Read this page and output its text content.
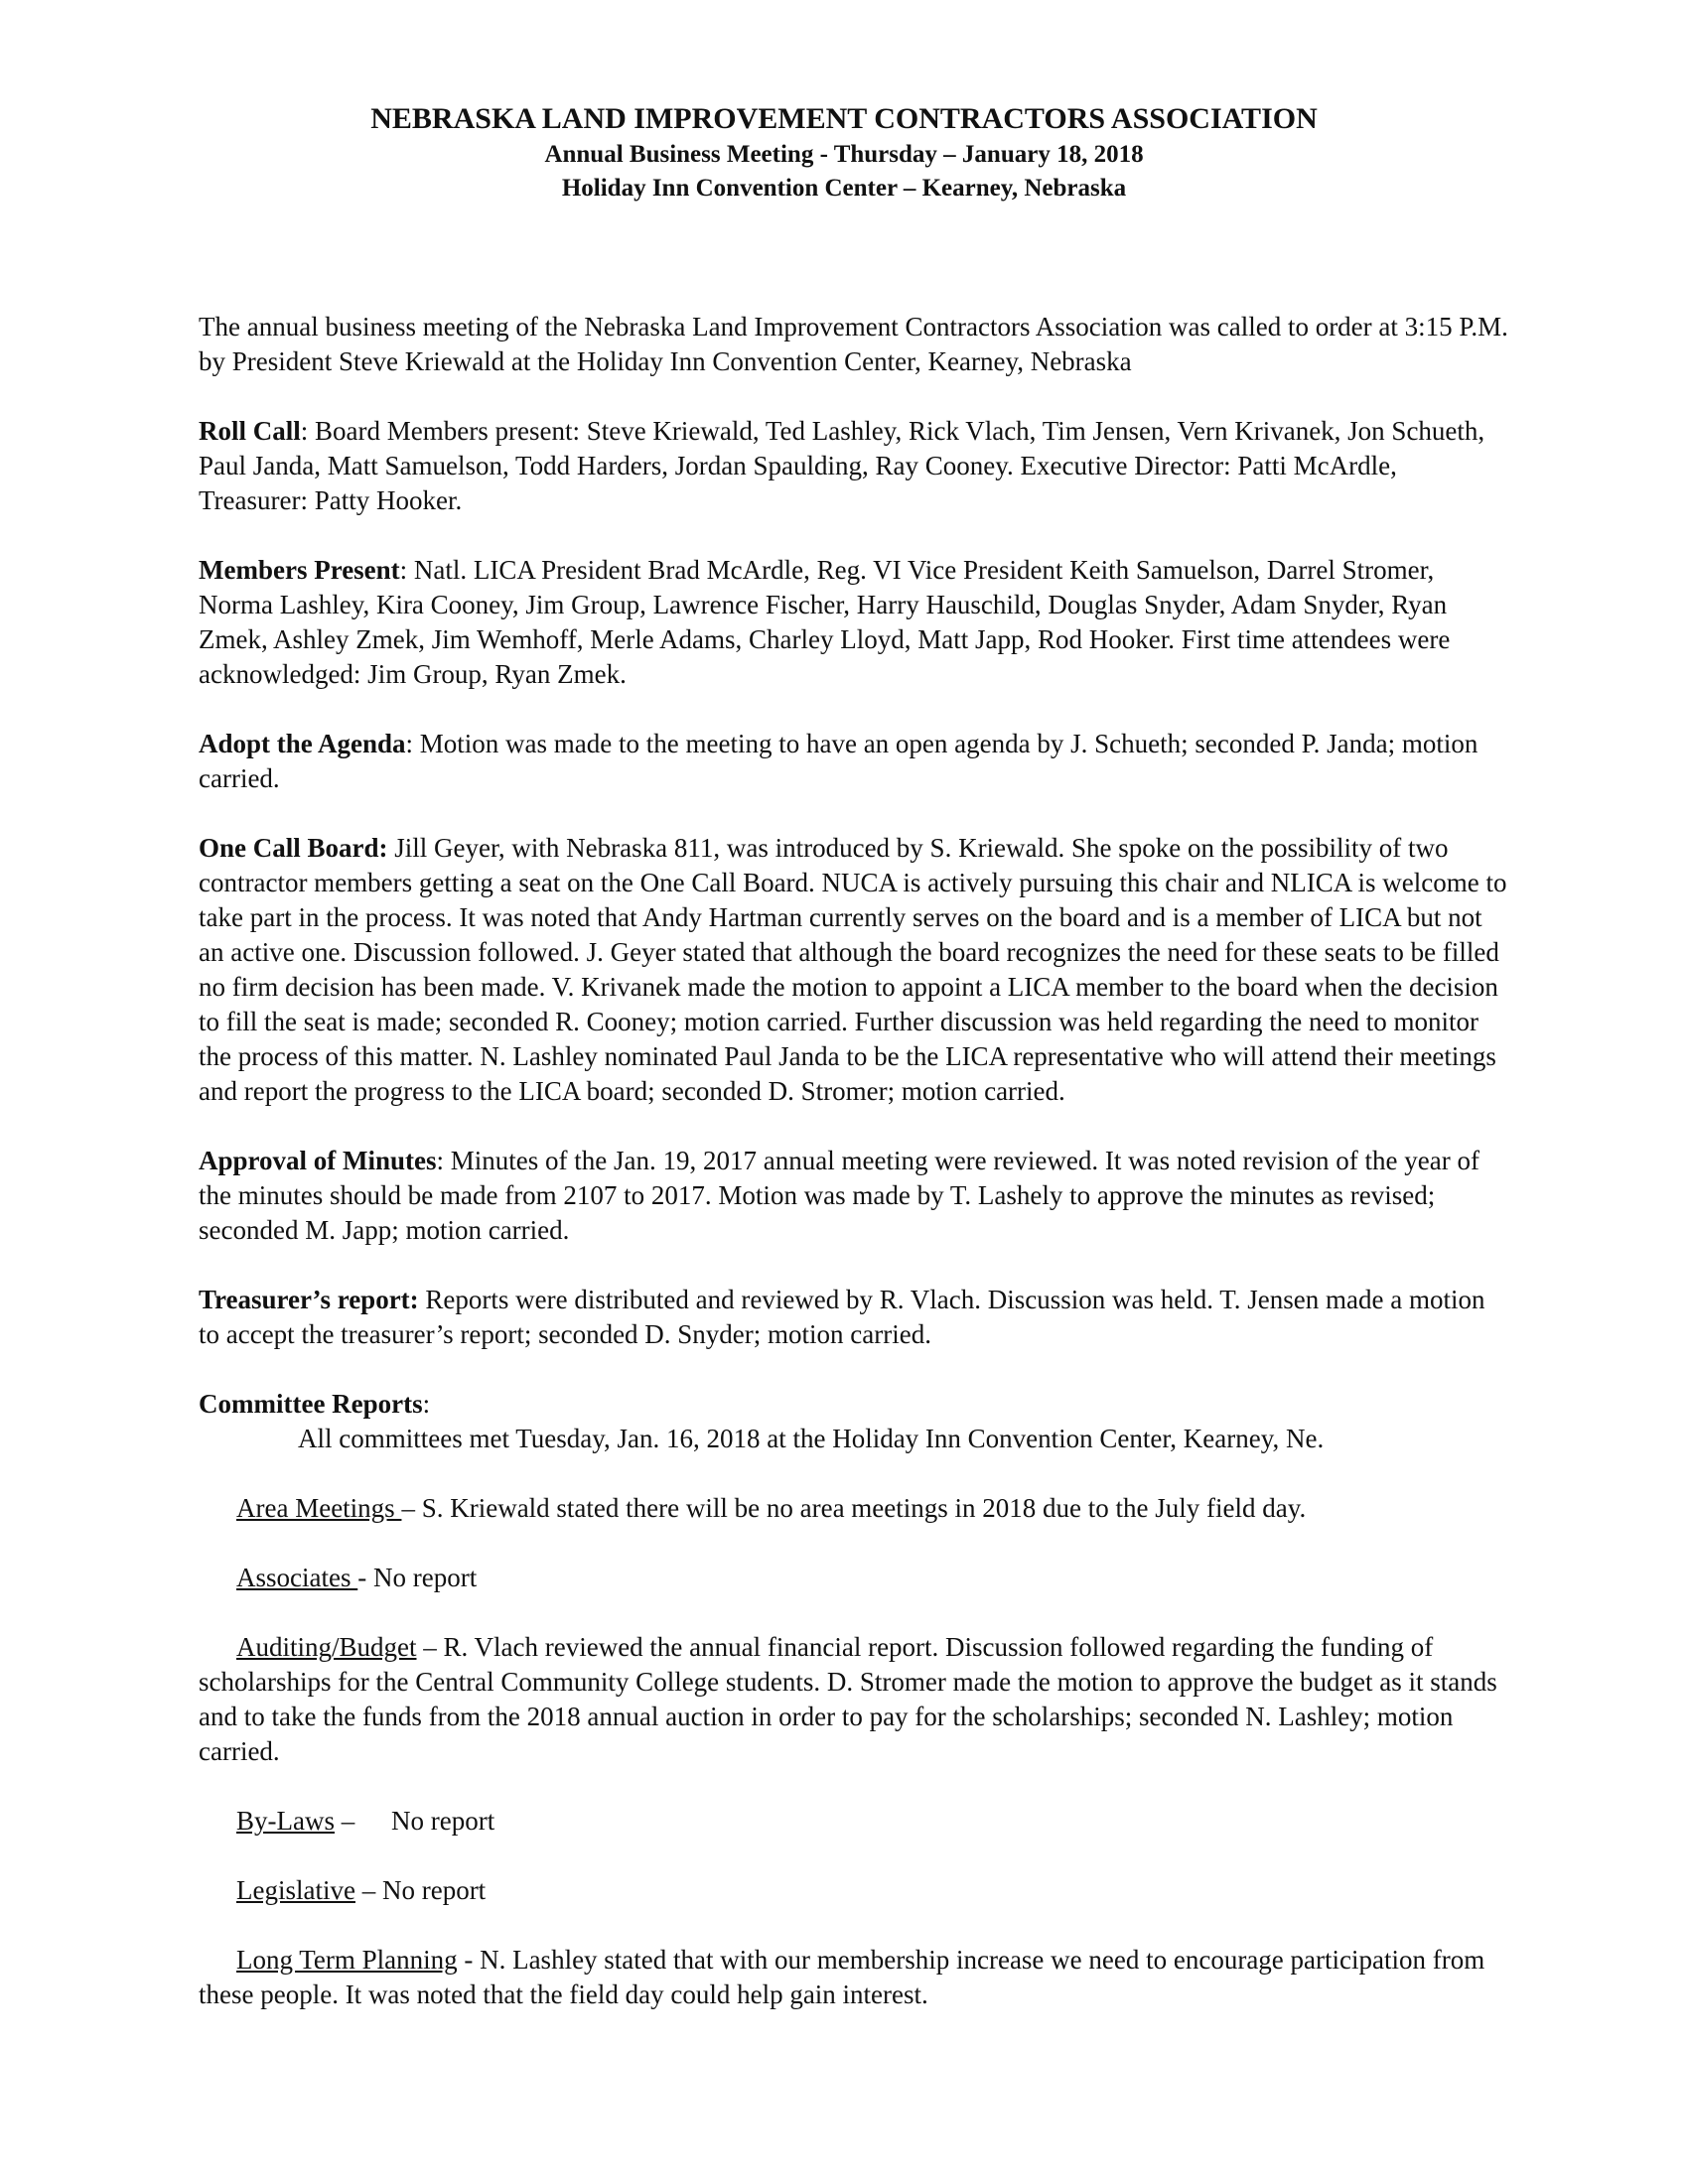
NEBRASKA LAND IMPROVEMENT CONTRACTORS ASSOCIATION

Annual Business Meeting - Thursday – January 18, 2018

Holiday Inn Convention Center – Kearney, Nebraska

The annual business meeting of the Nebraska Land Improvement Contractors Association was called to order at 3:15 P.M. by President Steve Kriewald at the Holiday Inn Convention Center, Kearney, Nebraska

Roll Call: Board Members present: Steve Kriewald, Ted Lashley, Rick Vlach, Tim Jensen, Vern Krivanek, Jon Schueth, Paul Janda, Matt Samuelson, Todd Harders, Jordan Spaulding, Ray Cooney. Executive Director: Patti McArdle, Treasurer: Patty Hooker.

Members Present: Natl. LICA President Brad McArdle, Reg. VI Vice President Keith Samuelson, Darrel Stromer, Norma Lashley, Kira Cooney, Jim Group, Lawrence Fischer, Harry Hauschild, Douglas Snyder, Adam Snyder, Ryan Zmek, Ashley Zmek, Jim Wemhoff, Merle Adams, Charley Lloyd, Matt Japp, Rod Hooker. First time attendees were acknowledged: Jim Group, Ryan Zmek.

Adopt the Agenda: Motion was made to the meeting to have an open agenda by J. Schueth; seconded P. Janda; motion carried.

One Call Board: Jill Geyer, with Nebraska 811, was introduced by S. Kriewald. She spoke on the possibility of two contractor members getting a seat on the One Call Board. NUCA is actively pursuing this chair and NLICA is welcome to take part in the process. It was noted that Andy Hartman currently serves on the board and is a member of LICA but not an active one. Discussion followed. J. Geyer stated that although the board recognizes the need for these seats to be filled no firm decision has been made. V. Krivanek made the motion to appoint a LICA member to the board when the decision to fill the seat is made; seconded R. Cooney; motion carried. Further discussion was held regarding the need to monitor the process of this matter. N. Lashley nominated Paul Janda to be the LICA representative who will attend their meetings and report the progress to the LICA board; seconded D. Stromer; motion carried.

Approval of Minutes: Minutes of the Jan. 19, 2017 annual meeting were reviewed. It was noted revision of the year of the minutes should be made from 2107 to 2017. Motion was made by T. Lashely to approve the minutes as revised; seconded M. Japp; motion carried.

Treasurer’s report: Reports were distributed and reviewed by R. Vlach. Discussion was held. T. Jensen made a motion to accept the treasurer’s report; seconded D. Snyder; motion carried.

Committee Reports:
All committees met Tuesday, Jan. 16, 2018 at the Holiday Inn Convention Center, Kearney, Ne.

Area Meetings – S. Kriewald stated there will be no area meetings in 2018 due to the July field day.

Associates - No report

Auditing/Budget – R. Vlach reviewed the annual financial report. Discussion followed regarding the funding of scholarships for the Central Community College students. D. Stromer made the motion to approve the budget as it stands and to take the funds from the 2018 annual auction in order to pay for the scholarships; seconded N. Lashley; motion carried.

By-Laws – No report

Legislative – No report

Long Term Planning - N. Lashley stated that with our membership increase we need to encourage participation from these people. It was noted that the field day could help gain interest.
